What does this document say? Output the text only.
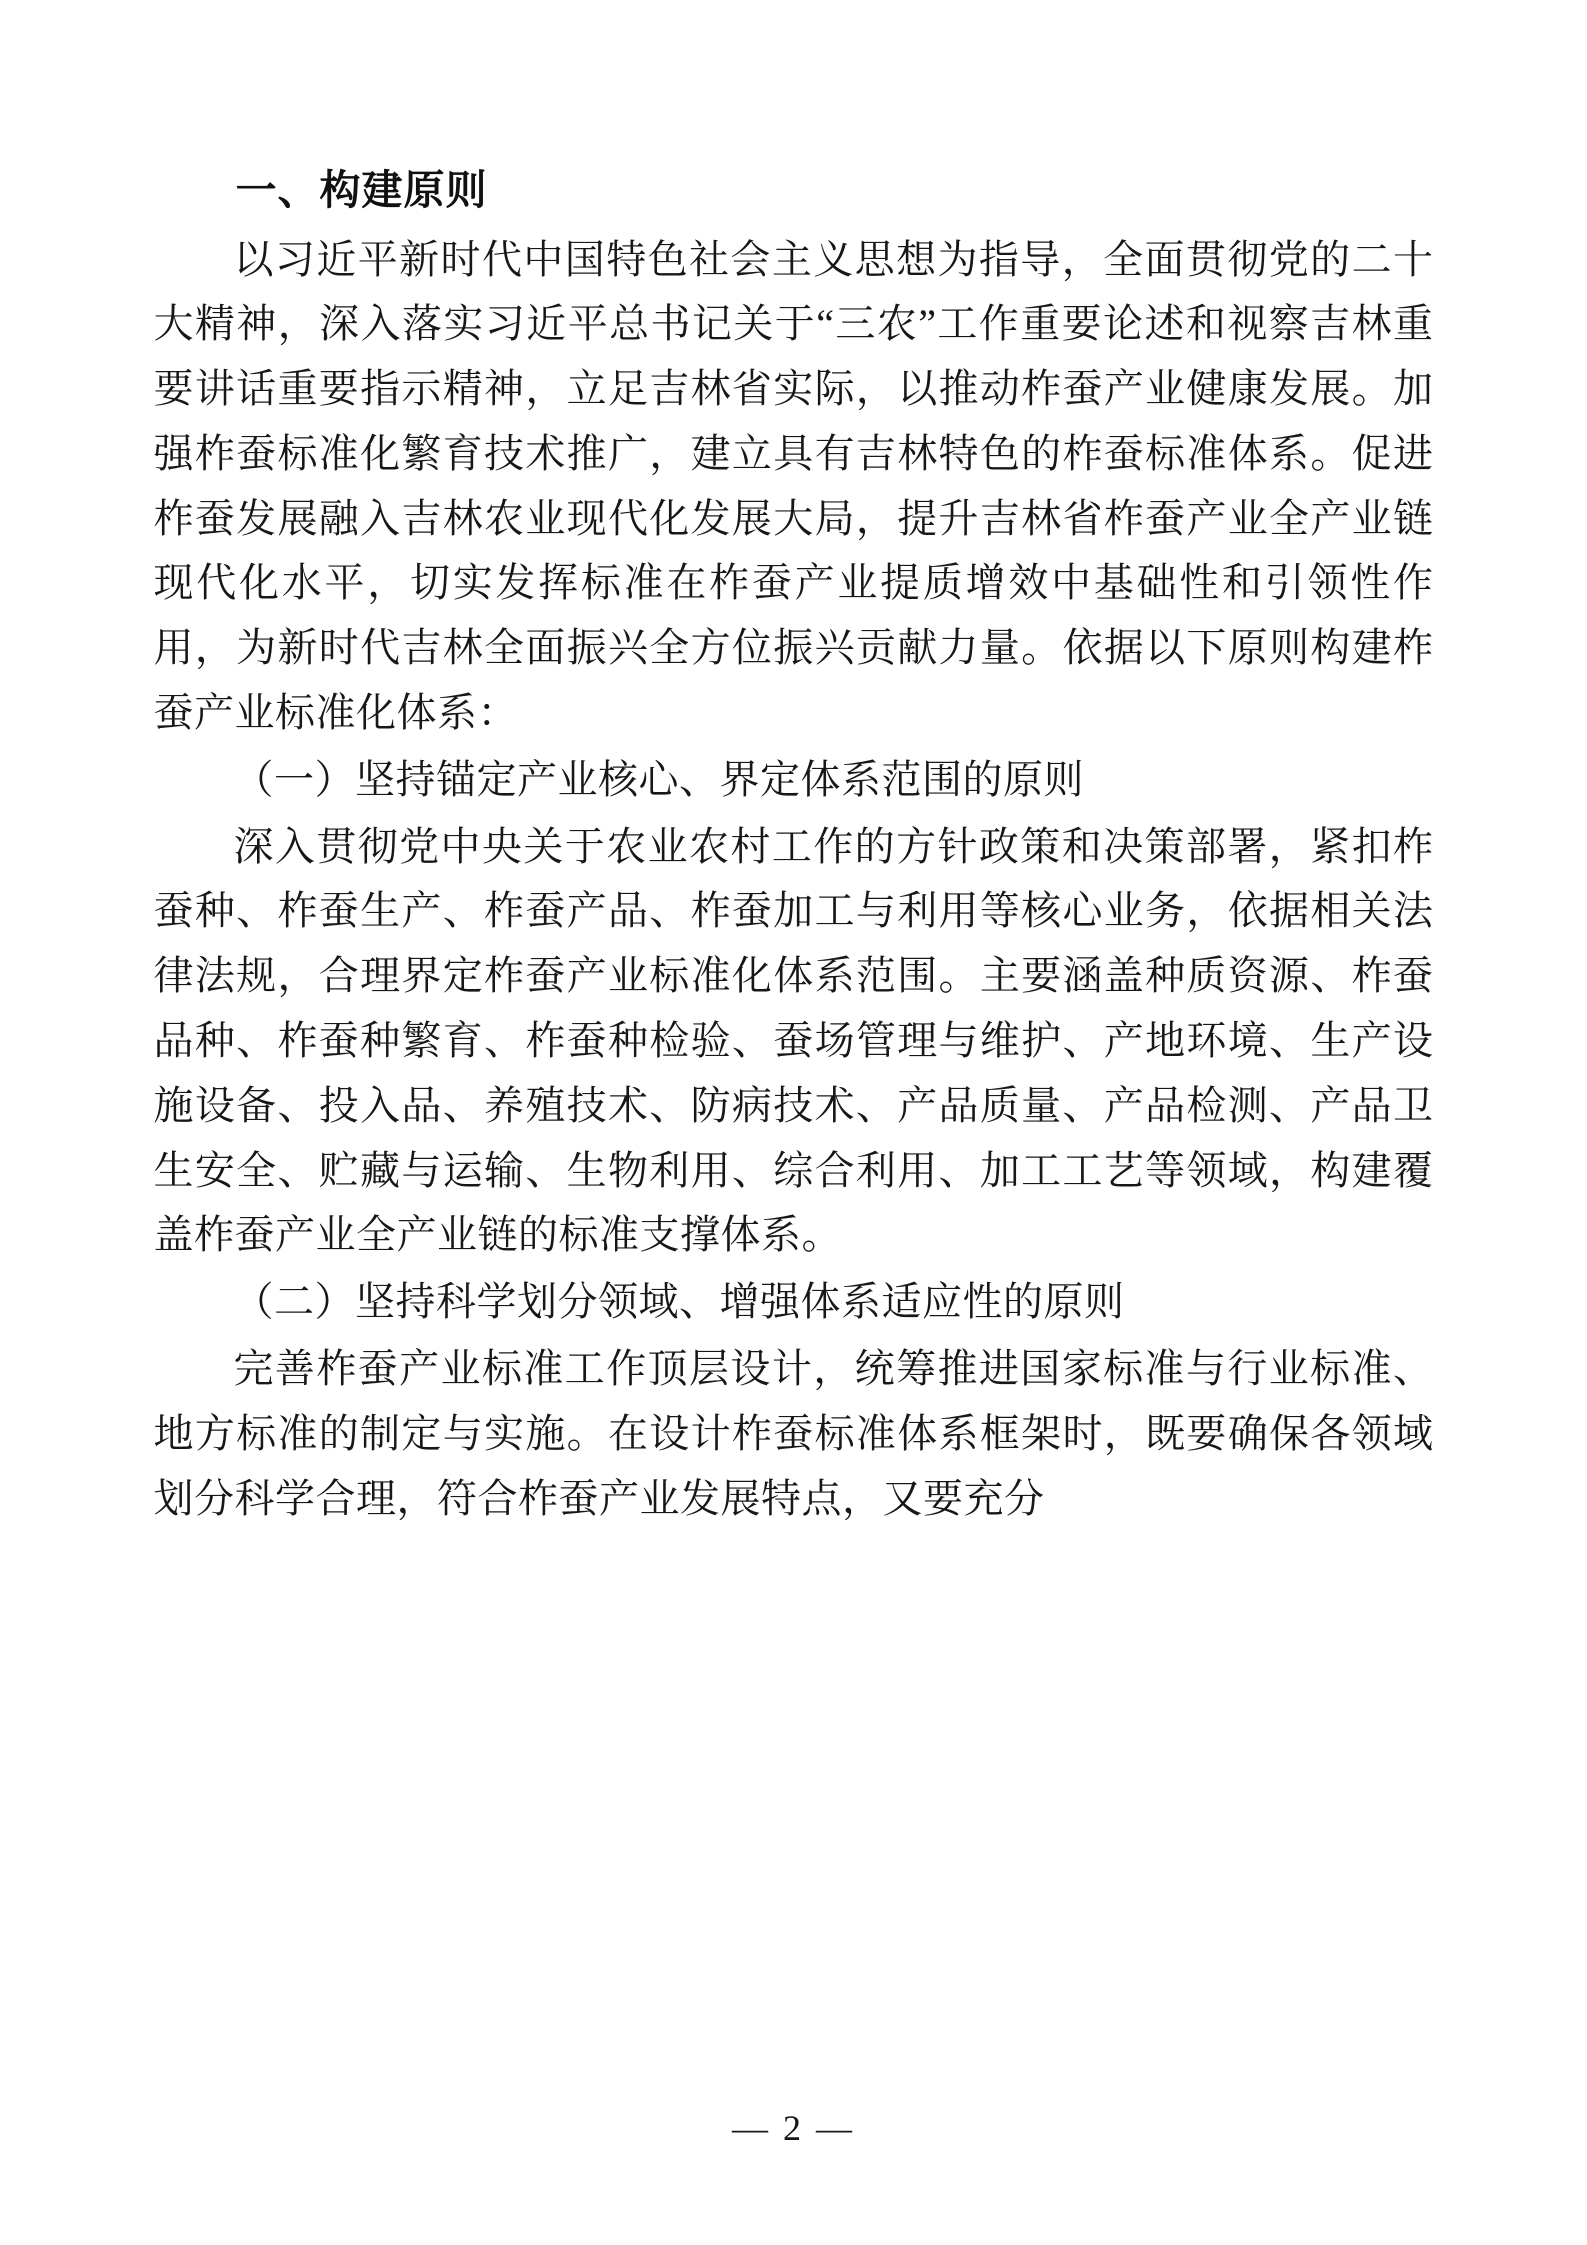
一、构建原则

以习近平新时代中国特色社会主义思想为指导，全面贯彻党的二十大精神，深入落实习近平总书记关于“三农”工作重要论述和视察吉林重要讲话重要指示精神，立足吉林省实际，以推动柞蚕产业健康发展。加强柞蚕标准化繁育技术推广，建立具有吉林特色的柞蚕标准体系。促进柞蚕发展融入吉林农业现代化发展大局，提升吉林省柞蚕产业全产业链现代化水平，切实发挥标准在柞蚕产业提质增效中基础性和引领性作用，为新时代吉林全面振兴全方位振兴贡献力量。依据以下原则构建柞蚕产业标准化体系：

（一）坚持锚定产业核心、界定体系范围的原则

深入贯彻党中央关于农业农村工作的方针政策和决策部署，紧扣柞蚕种、柞蚕生产、柞蚕产品、柞蚕加工与利用等核心业务，依据相关法律法规，合理界定柞蚕产业标准化体系范围。主要涵盖种质资源、柞蚕品种、柞蚕种繁育、柞蚕种检验、蚕场管理与维护、产地环境、生产设施设备、投入品、养殖技术、防病技术、产品质量、产品检测、产品卫生安全、贮藏与运输、生物利用、综合利用、加工工艺等领域，构建覆盖柞蚕产业全产业链的标准支撑体系。

（二）坚持科学划分领域、增强体系适应性的原则

完善柞蚕产业标准工作顶层设计，统筹推进国家标准与行业标准、地方标准的制定与实施。在设计柞蚕标准体系框架时，既要确保各领域划分科学合理，符合柞蚕产业发展特点，又要充分

— 2 —
